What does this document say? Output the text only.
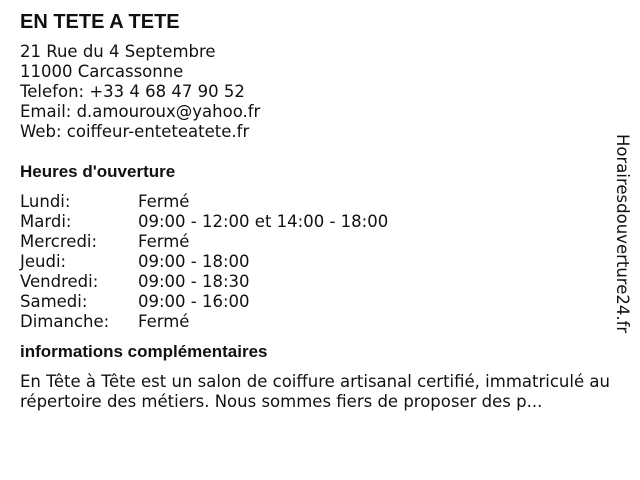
EN TETE A TETE
21 Rue du 4 Septembre
11000 Carcassonne
Telefon: +33 4 68 47 90 52
Email: d.amouroux@yahoo.fr
Web: coiffeur-enteteatete.fr
Heures d'ouverture
Lundi:	Fermé
Mardi:	09:00 - 12:00 et 14:00 - 18:00
Mercredi:	Fermé
Jeudi:	09:00 - 18:00
Vendredi:	09:00 - 18:30
Samedi:	09:00 - 16:00
Dimanche:	Fermé
informations complémentaires
En Tête à Tête est un salon de coiffure artisanal certifié, immatriculé au répertoire des métiers. Nous sommes fiers de proposer des p...
Horairesdouverture24.fr
